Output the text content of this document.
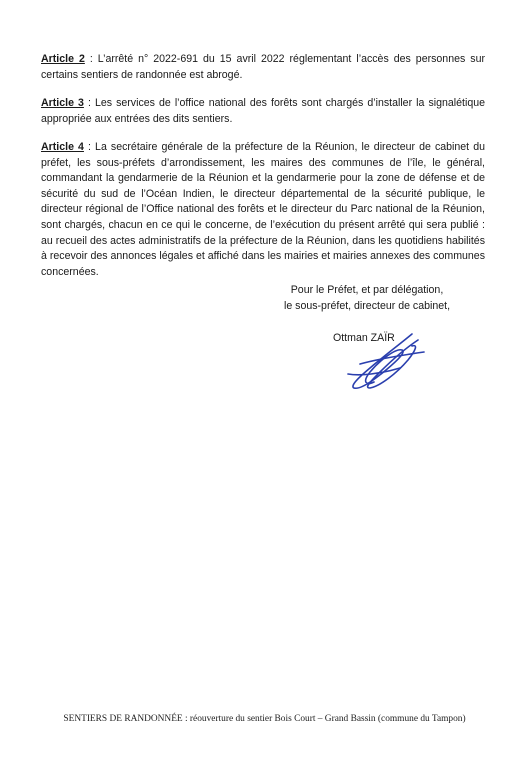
Article 2 : L’arrêté n° 2022-691 du 15 avril 2022 réglementant l’accès des personnes sur certains sentiers de randonnée est abrogé.

Article 3 : Les services de l’office national des forêts sont chargés d’installer la signalétique appropriée aux entrées des dits sentiers.

Article 4 : La secrétaire générale de la préfecture de la Réunion, le directeur de cabinet du préfet, les sous-préfets d’arrondissement, les maires des communes de l’île, le général, commandant la gendarmerie de la Réunion et la gendarmerie pour la zone de défense et de sécurité du sud de l’Océan Indien, le directeur départemental de la sécurité publique, le directeur régional de l’Office national des forêts et le directeur du Parc national de la Réunion, sont chargés, chacun en ce qui le concerne, de l’exécution du présent arrêté qui sera publié : au recueil des actes administratifs de la préfecture de la Réunion, dans les quotidiens habilités à recevoir des annonces légales et affiché dans les mairies et mairies annexes des communes concernées.

Pour le Préfet, et par délégation,
le sous-préfet, directeur de cabinet,
Ottman ZAÏR
SENTIERS DE RANDONNÉE : réouverture du sentier Bois Court – Grand Bassin (commune du Tampon)
